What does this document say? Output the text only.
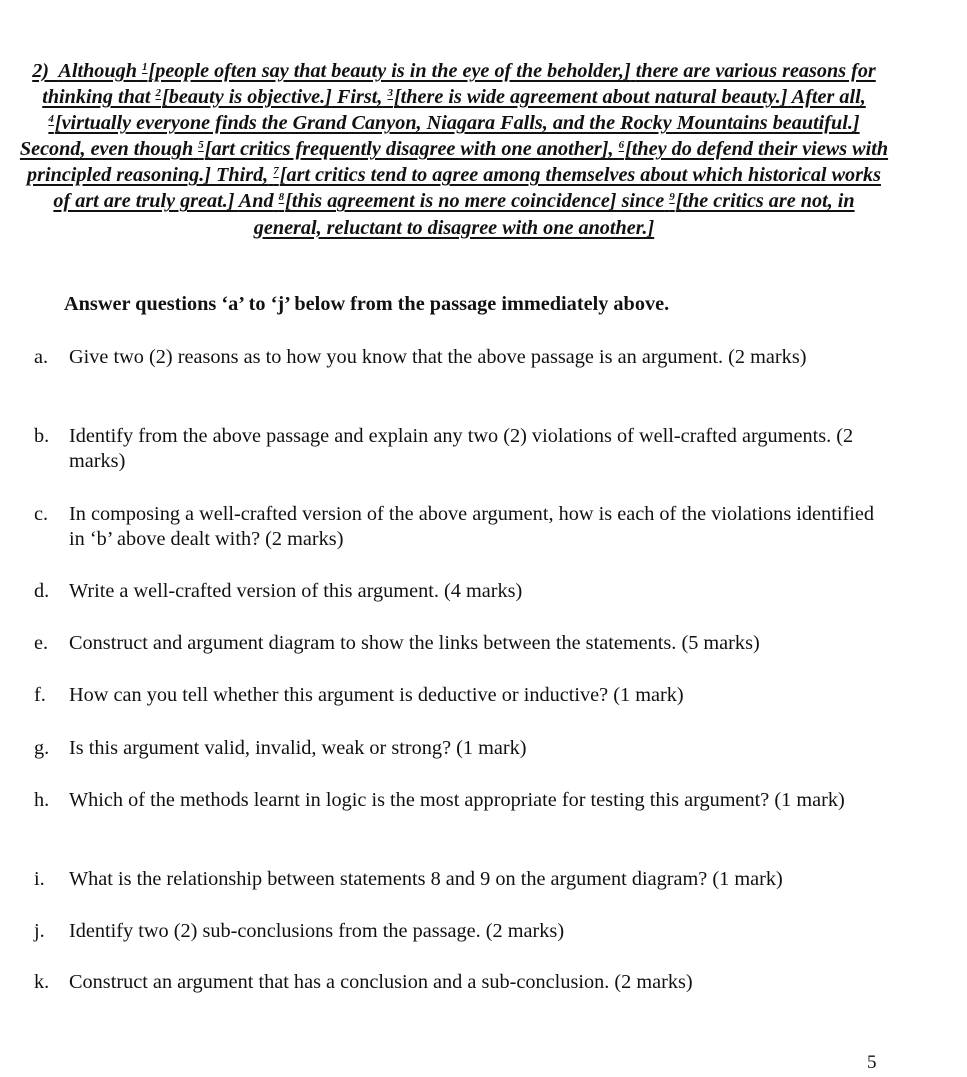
2) Although $^1$[people often say that beauty is in the eye of the beholder,] there are various reasons for thinking that $^2$[beauty is objective.] First, $^3$[there is wide agreement about natural beauty.] After all, $^4$[virtually everyone finds the Grand Canyon, Niagara Falls, and the Rocky Mountains beautiful.] Second, even though $^5$[art critics frequently disagree with one another], $^6$[they do defend their views with principled reasoning.] Third, $^7$[art critics tend to agree among themselves about which historical works of art are truly great.] And $^8$[this agreement is no mere coincidence] since $^9$[the critics are not, in general, reluctant to disagree with one another.]
Answer questions ‘a’ to ‘j’ below from the passage immediately above.
a. Give two (2) reasons as to how you know that the above passage is an argument. (2 marks)
b. Identify from the above passage and explain any two (2) violations of well-crafted arguments. (2 marks)
c. In composing a well-crafted version of the above argument, how is each of the violations identified in ‘b’ above dealt with? (2 marks)
d. Write a well-crafted version of this argument. (4 marks)
e. Construct and argument diagram to show the links between the statements. (5 marks)
f. How can you tell whether this argument is deductive or inductive? (1 mark)
g. Is this argument valid, invalid, weak or strong? (1 mark)
h. Which of the methods learnt in logic is the most appropriate for testing this argument? (1 mark)
i. What is the relationship between statements 8 and 9 on the argument diagram? (1 mark)
j. Identify two (2) sub-conclusions from the passage. (2 marks)
k. Construct an argument that has a conclusion and a sub-conclusion. (2 marks)
5
